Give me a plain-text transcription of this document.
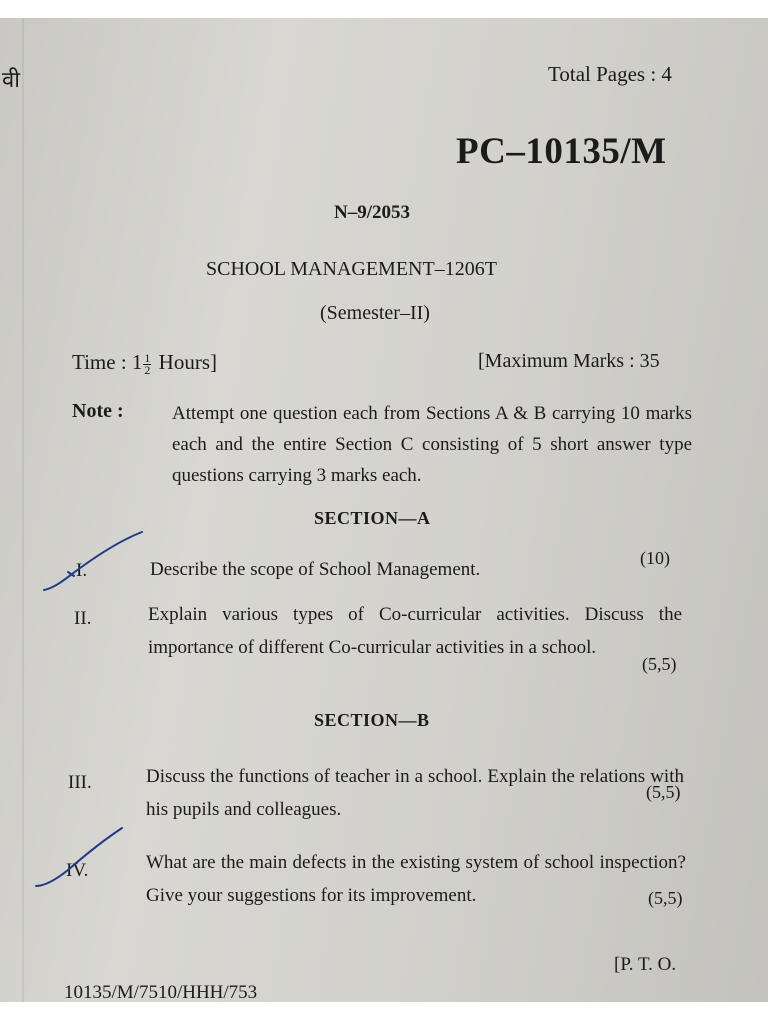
वी	Total Pages : 4
PC–10135/M
N–9/2053
SCHOOL MANAGEMENT–1206T
(Semester–II)
Time : $1 \frac{1}{2}$ Hours]	[Maximum Marks : 35
Note :	Attempt one question each from Sections A & B carrying 10 marks each and the entire Section C consisting of 5 short answer type questions carrying 3 marks each.
SECTION—A
I.	Describe the scope of School Management.
(10)
II.	Explain various types of Co-curricular activities. Discuss the importance of different Co-curricular activities in a school.
(5,5)
SECTION—B
III.	Discuss the functions of teacher in a school. Explain the relations with his pupils and colleagues.
(5,5)
IV.	What are the main defects in the existing system of school inspection? Give your suggestions for its improvement.	(5,5)
[P. T. O.
10135/M/7510/HHH/753
